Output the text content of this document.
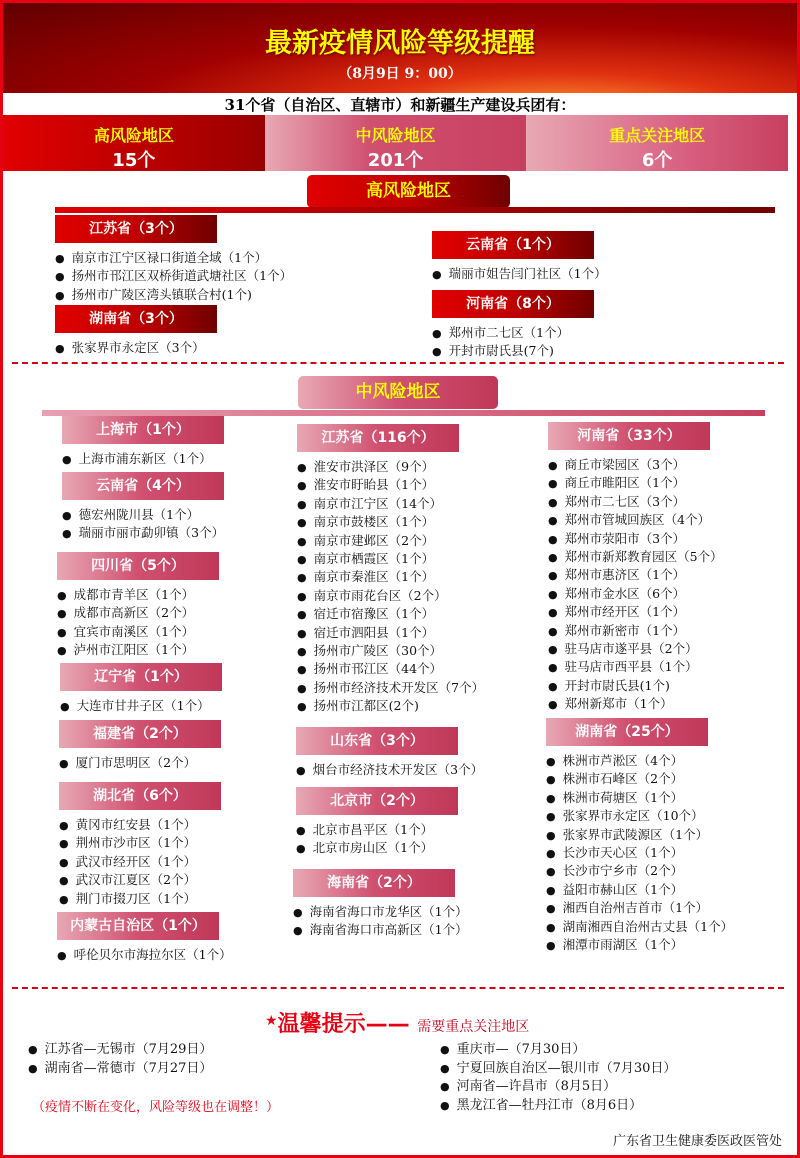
最新疫情风险等级提醒
（8月9日 9：00）
31个省（自治区、直辖市）和新疆生产建设兵团有：
高风险地区
15个
中风险地区
201个
重点关注地区
6个
高风险地区
江苏省（3个）
● 南京市江宁区禄口街道全域（1个）
● 扬州市邗江区双桥街道武塘社区（1个）
● 扬州市广陵区湾头镇联合村(1个)
湖南省（3个）
● 张家界市永定区（3个）
云南省（1个）
● 瑞丽市姐告闫门社区（1个）
河南省（8个）
● 郑州市二七区（1个）
● 开封市尉氏县(7个)
中风险地区
上海市（1个）
● 上海市浦东新区（1个）
云南省（4个）
● 德宏州陇川县（1个）
● 瑞丽市丽市勐卯镇（3个）
四川省（5个）
● 成都市青羊区（1个）
● 成都市高新区（2个）
● 宜宾市南溪区（1个）
● 泸州市江阳区（1个）
辽宁省（1个）
● 大连市甘井子区（1个）
福建省（2个）
● 厦门市思明区（2个）
湖北省（6个）
● 黄冈市红安县（1个）
● 荆州市沙市区（1个）
● 武汉市经开区（1个）
● 武汉市江夏区（2个）
● 荆门市掇刀区（1个）
内蒙古自治区（1个）
● 呼伦贝尔市海拉尔区（1个）
江苏省（116个）
● 淮安市洪泽区（9个）
● 淮安市盱眙县（1个）
● 南京市江宁区（14个）
● 南京市鼓楼区（1个）
● 南京市建邺区（2个）
● 南京市栖霞区（1个）
● 南京市秦淮区（1个）
● 南京市雨花台区（2个）
● 宿迁市宿豫区（1个）
● 宿迁市泗阳县（1个）
● 扬州市广陵区（30个）
● 扬州市邗江区（44个）
● 扬州市经济技术开发区（7个）
● 扬州市江都区(2个)
山东省（3个）
● 烟台市经济技术开发区（3个）
北京市（2个）
● 北京市昌平区（1个）
● 北京市房山区（1个）
海南省（2个）
● 海南省海口市龙华区（1个）
● 海南省海口市高新区（1个）
河南省（33个）
● 商丘市梁园区（3个）
● 商丘市睢阳区（1个）
● 郑州市二七区（3个）
● 郑州市管城回族区（4个）
● 郑州市荥阳市（3个）
● 郑州市新郑教育园区（5个）
● 郑州市惠济区（1个）
● 郑州市金水区（6个）
● 郑州市经开区（1个）
● 郑州市新密市（1个）
● 驻马店市遂平县（2个）
● 驻马店市西平县（1个）
● 开封市尉氏县(1个)
● 郑州新郑市（1个）
湖南省（25个）
● 株洲市芦淞区（4个）
● 株洲市石峰区（2个）
● 株洲市荷塘区（1个）
● 张家界市永定区（10个）
● 张家界市武陵源区（1个）
● 长沙市天心区（1个）
● 长沙市宁乡市（2个）
● 益阳市赫山区（1个）
● 湘西自治州吉首市（1个）
● 湖南湘西自治州古丈县（1个）
● 湘潭市雨湖区（1个）
★温馨提示—— 需要重点关注地区
● 江苏省—无锡市（7月29日）
● 湖南省—常德市（7月27日）
● 重庆市—（7月30日）
● 宁夏回族自治区—银川市（7月30日）
● 河南省—许昌市（8月5日）
● 黑龙江省—牡丹江市（8月6日）
（疫情不断在变化，风险等级也在调整！）
广东省卫生健康委医政医管处
